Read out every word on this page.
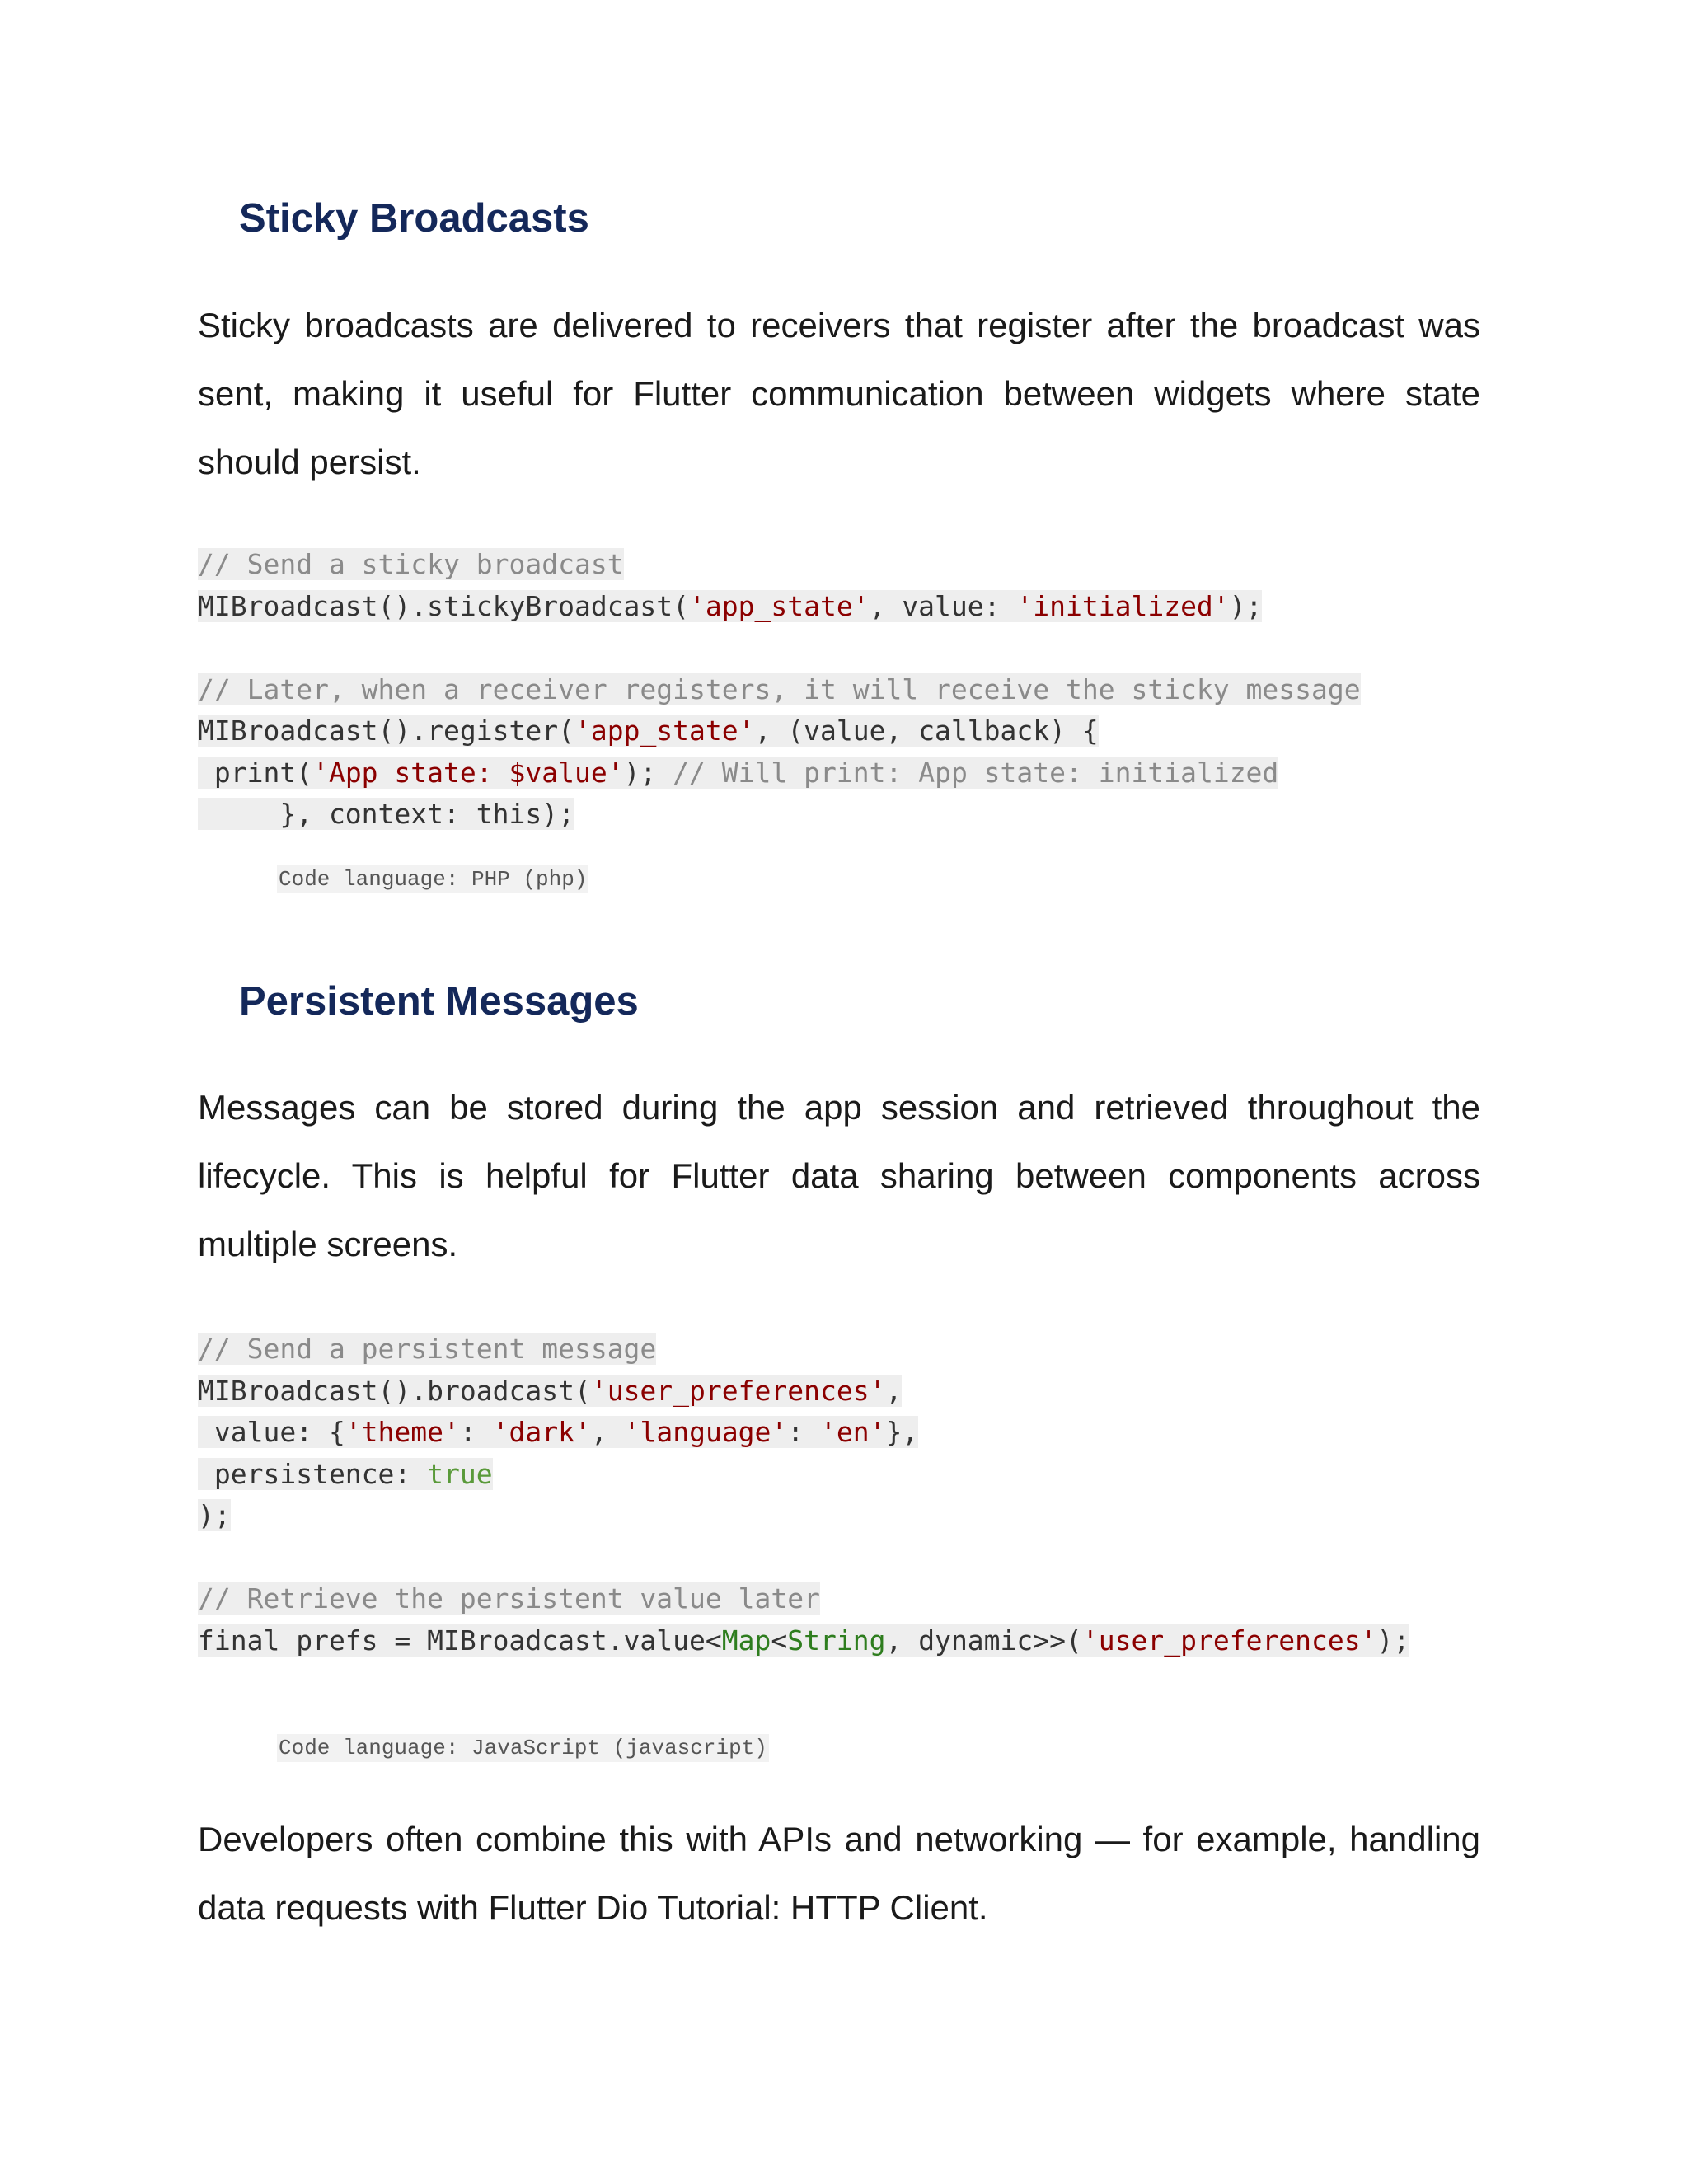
Sticky Broadcasts

Sticky broadcasts are delivered to receivers that register after the broadcast was sent, making it useful for Flutter communication between widgets where state should persist.

// Send a sticky broadcast
MIBroadcast().stickyBroadcast('app_state', value: 'initialized');

// Later, when a receiver registers, it will receive the sticky message
MIBroadcast().register('app_state', (value, callback) {
print('App state: $value'); // Will print: App state: initialized
}, context: this);
Code language: PHP (php)
Persistent Messages

Messages can be stored during the app session and retrieved throughout the lifecycle. This is helpful for Flutter data sharing between components across multiple screens.

// Send a persistent message
MIBroadcast().broadcast('user_preferences',
value: {'theme': 'dark', 'language': 'en'},
persistence: true
);

// Retrieve the persistent value later
final prefs = MIBroadcast.value<Map<String, dynamic>>('user_preferences');
Code language: JavaScript (javascript)

Developers often combine this with APIs and networking — for example, handling data requests with Flutter Dio Tutorial: HTTP Client.
